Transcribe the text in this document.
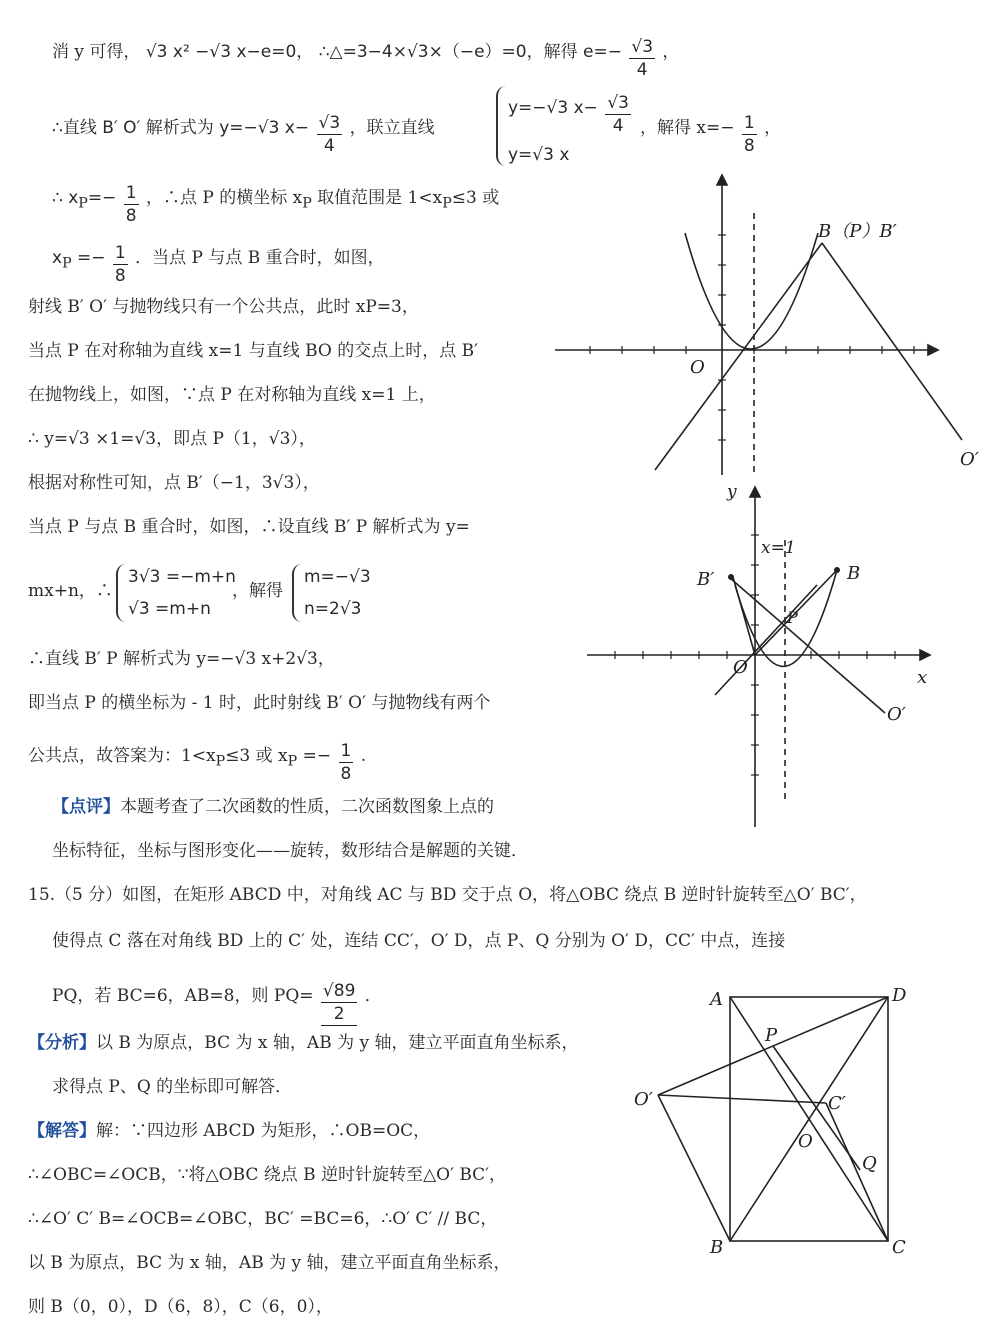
消 y 可得， √3 x² −√3 x−e=0， ∴△=3−4×√3×（−e）=0，解得 $e=- \frac{√3}{4}$ ，
∴直线 B′ O′ 解析式为 y=−√3 $x- \frac{√3}{4}$ ，联立直线
y=−√3 $x- \frac{√3}{4}$
y=√3 x
，解得 $x=- \frac{1}{8}$ ，
∴ $x_P=- \frac{1}{8}$ ，∴点 P 的横坐标 $x_P$ 取值范围是 $1<x_P\le 3$ 或
$x_P =- \frac{1}{8}$ ．当点 P 与点 B 重合时，如图，
射线 B′ O′ 与抛物线只有一个公共点，此时 xP=3，
当点 P 在对称轴为直线 x=1 与直线 BO 的交点上时，点 B′
在抛物线上，如图，∵点 P 在对称轴为直线 x=1 上，
∴ y=√3 ×1=√3，即点 P（1，√3），
根据对称性可知，点 B′（−1，3√3），
当点 P 与点 B 重合时，如图，∴设直线 B′ P 解析式为 y=
mx+n，∴
3√3 =−m+n
√3 =m+n
，解得
m=−√3
n=2√3
∴直线 B′ P 解析式为 y=−√3 x+2√3，
即当点 P 的横坐标为 - 1 时，此时射线 B′ O′ 与抛物线有两个
公共点，故答案为：$1<x_P\le 3$ 或 $x_P =- \frac{1}{8}$ .
【点评】本题考查了二次函数的性质，二次函数图象上点的
坐标特征，坐标与图形变化——旋转，数形结合是解题的关键．
15.（5 分）如图，在矩形 ABCD 中，对角线 AC 与 BD 交于点 O，将△OBC 绕点 B 逆时针旋转至△O′ BC′，
使得点 C 落在对角线 BD 上的 C′ 处，连结 CC′，O′ D，点 P、Q 分别为 O′ D，CC′ 中点，连接
PQ，若 BC=6，AB=8，则 $PQ= \frac{√89}{2}$ ．
【分析】以 B 为原点，BC 为 x 轴，AB 为 y 轴，建立平面直角坐标系，
求得点 P、Q 的坐标即可解答．
【解答】解：∵四边形 ABCD 为矩形，∴OB=OC，
∴∠OBC=∠OCB，∵将△OBC 绕点 B 逆时针旋转至△O′ BC′，
∴∠O′ C′ B=∠OCB=∠OBC，BC′ =BC=6，∴O′ C′ // BC，
以 B 为原点，BC 为 x 轴，AB 为 y 轴，建立平面直角坐标系，
则 B（0，0），D（6，8），C（6，0），
B（P）B′
O
O′
y
x=1
B′	B
P
O	x
O′
A	D
P
O′	C′
O
Q
B	C
